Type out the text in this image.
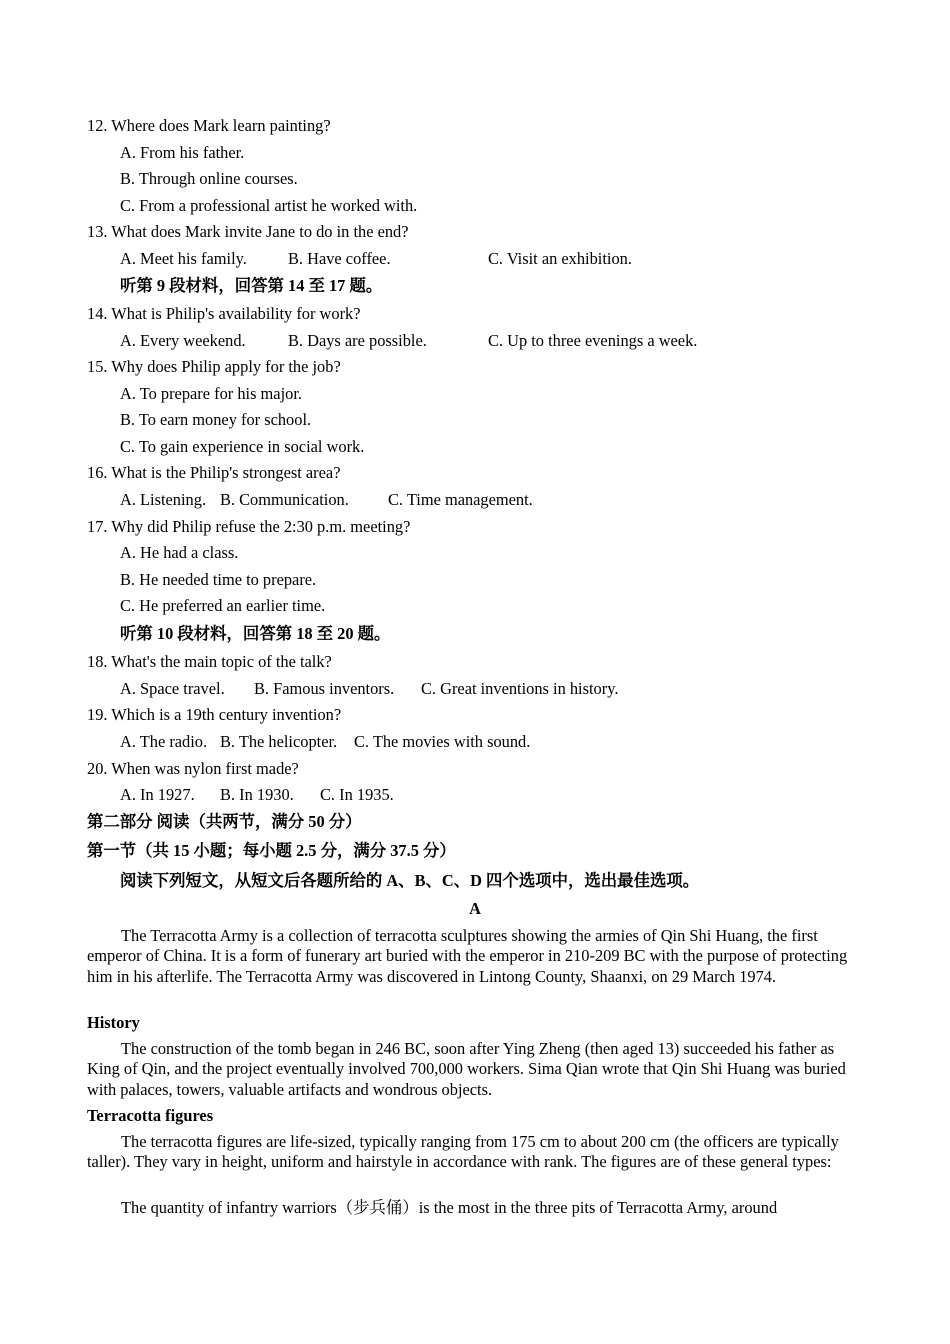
12. Where does Mark learn painting?
A. From his father.
B. Through online courses.
C. From a professional artist he worked with.
13. What does Mark invite Jane to do in the end?
A. Meet his family.	B. Have coffee.	C. Visit an exhibition.
听第 9 段材料，回答第 14 至 17 题。
14. What is Philip's availability for work?
A. Every weekend.	B. Days are possible.	C. Up to three evenings a week.
15. Why does Philip apply for the job?
A. To prepare for his major.
B. To earn money for school.
C. To gain experience in social work.
16. What is the Philip's strongest area?
A. Listening. B. Communication. C. Time management.
17. Why did Philip refuse the 2:30 p.m. meeting?
A. He had a class.
B. He needed time to prepare.
C. He preferred an earlier time.
听第 10 段材料，回答第 18 至 20 题。
18. What's the main topic of the talk?
A. Space travel. B. Famous inventors. C. Great inventions in history.
19. Which is a 19th century invention?
A. The radio. B. The helicopter. C. The movies with sound.
20. When was nylon first made?
A. In 1927. B. In 1930. C. In 1935.
第二部分 阅读（共两节，满分 50 分）
第一节（共 15 小题；每小题 2.5 分，满分 37.5 分）
阅读下列短文，从短文后各题所给的 A、B、C、D 四个选项中，选出最佳选项。
A
The Terracotta Army is a collection of terracotta sculptures showing the armies of Qin Shi Huang, the first emperor of China. It is a form of funerary art buried with the emperor in 210-209 BC with the purpose of protecting him in his afterlife. The Terracotta Army was discovered in Lintong County, Shaanxi, on 29 March 1974.
History
The construction of the tomb began in 246 BC, soon after Ying Zheng (then aged 13) succeeded his father as King of Qin, and the project eventually involved 700,000 workers. Sima Qian wrote that Qin Shi Huang was buried with palaces, towers, valuable artifacts and wondrous objects.
Terracotta figures
The terracotta figures are life-sized, typically ranging from 175 cm to about 200 cm (the officers are typically taller). They vary in height, uniform and hairstyle in accordance with rank. The figures are of these general types:
The quantity of infantry warriors（步兵俑）is the most in the three pits of Terracotta Army, around
